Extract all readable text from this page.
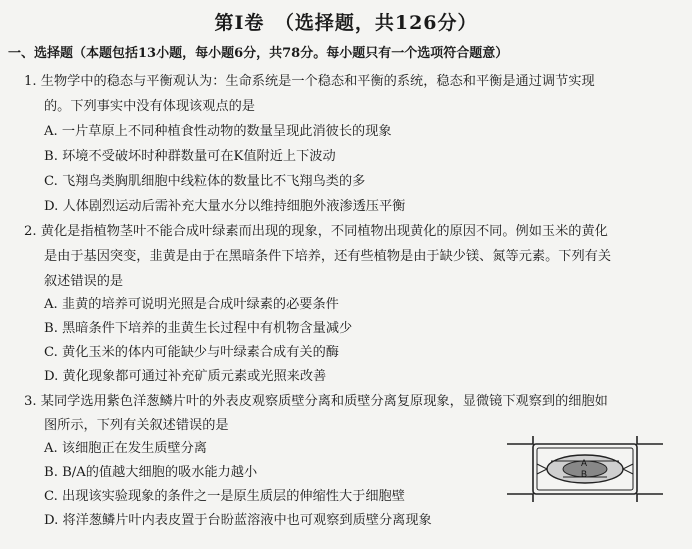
第Ⅰ卷　（选择题，共126分）
一、选择题（本题包括13小题，每小题6分，共78分。每小题只有一个选项符合题意）
1. 生物学中的稳态与平衡观认为：生命系统是一个稳态和平衡的系统，稳态和平衡是通过调节实现
的。下列事实中没有体现该观点的是
A. 一片草原上不同种植食性动物的数量呈现此消彼长的现象
B. 环境不受破坏时种群数量可在K值附近上下波动
C. 飞翔鸟类胸肌细胞中线粒体的数量比不飞翔鸟类的多
D. 人体剧烈运动后需补充大量水分以维持细胞外液渗透压平衡
2. 黄化是指植物茎叶不能合成叶绿素而出现的现象，不同植物出现黄化的原因不同。例如玉米的黄化
是由于基因突变，韭黄是由于在黑暗条件下培养，还有些植物是由于缺少镁、氮等元素。下列有关
叙述错误的是
A. 韭黄的培养可说明光照是合成叶绿素的必要条件
B. 黑暗条件下培养的韭黄生长过程中有机物含量减少
C. 黄化玉米的体内可能缺少与叶绿素合成有关的酶
D. 黄化现象都可通过补充矿质元素或光照来改善
3. 某同学选用紫色洋葱鳞片叶的外表皮观察质壁分离和质壁分离复原现象，显微镜下观察到的细胞如
图所示，下列有关叙述错误的是
A. 该细胞正在发生质壁分离
B. B/A的值越大细胞的吸水能力越小
C. 出现该实验现象的条件之一是原生质层的伸缩性大于细胞壁
D. 将洋葱鳞片叶内表皮置于台盼蓝溶液中也可观察到质壁分离现象
A
B
